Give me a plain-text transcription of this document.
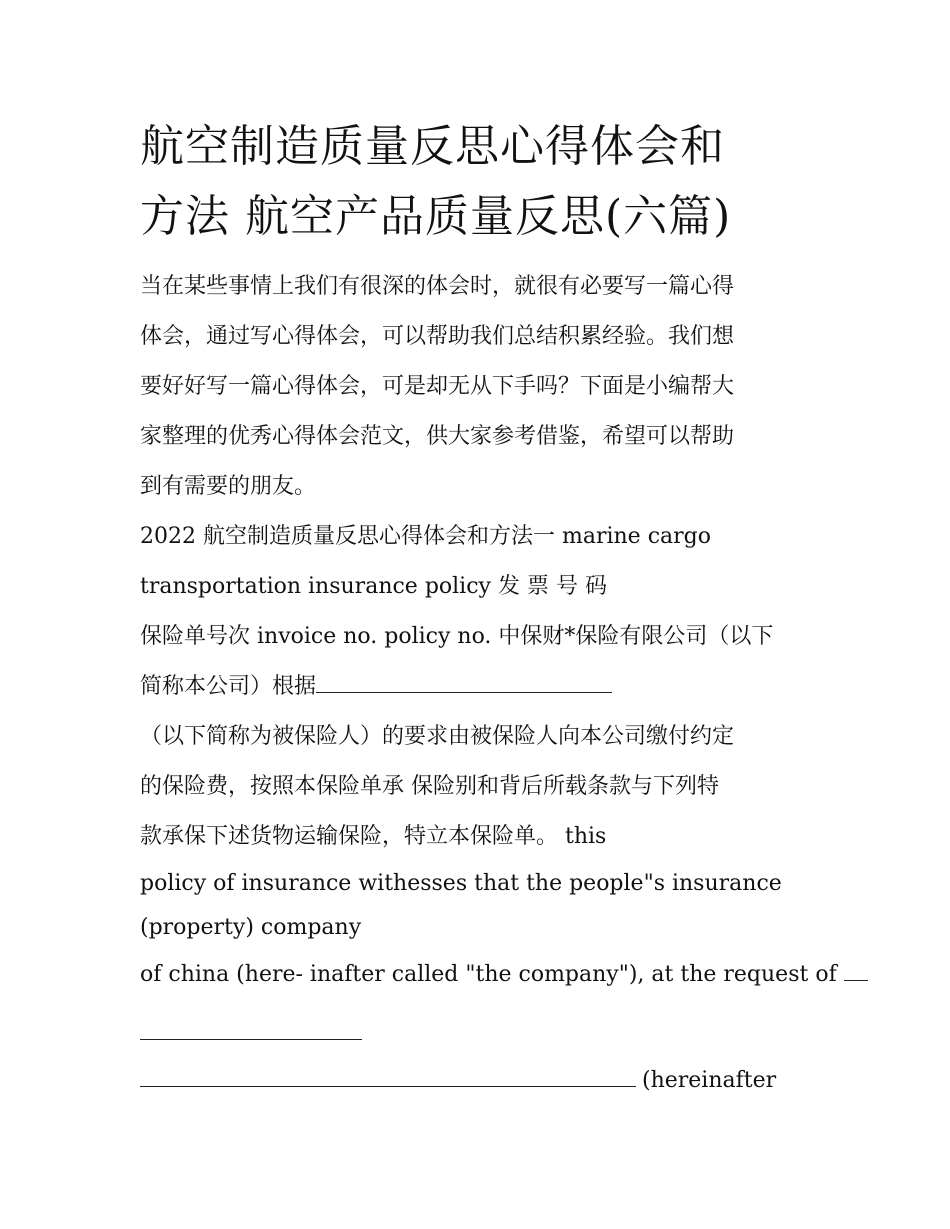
航空制造质量反思心得体会和
方法 航空产品质量反思(六篇)

当在某些事情上我们有很深的体会时，就很有必要写一篇心得
体会，通过写心得体会，可以帮助我们总结积累经验。我们想
要好好写一篇心得体会，可是却无从下手吗？下面是小编帮大
家整理的优秀心得体会范文，供大家参考借鉴，希望可以帮助
到有需要的朋友。

2022 航空制造质量反思心得体会和方法一 marine cargo
transportation insurance policy 发 票 号 码
保险单号次 invoice no. policy no. 中保财*保险有限公司（以下
简称本公司）根据

（以下简称为被保险人）的要求由被保险人向本公司缴付约定
的保险费，按照本保险单承 保险别和背后所载条款与下列特
款承保下述货物运输保险，特立本保险单。 this

policy of insurance withesses that the people"s insurance
(property) company

of china (here- inafter called "the company"), at the request of

(hereinafter
